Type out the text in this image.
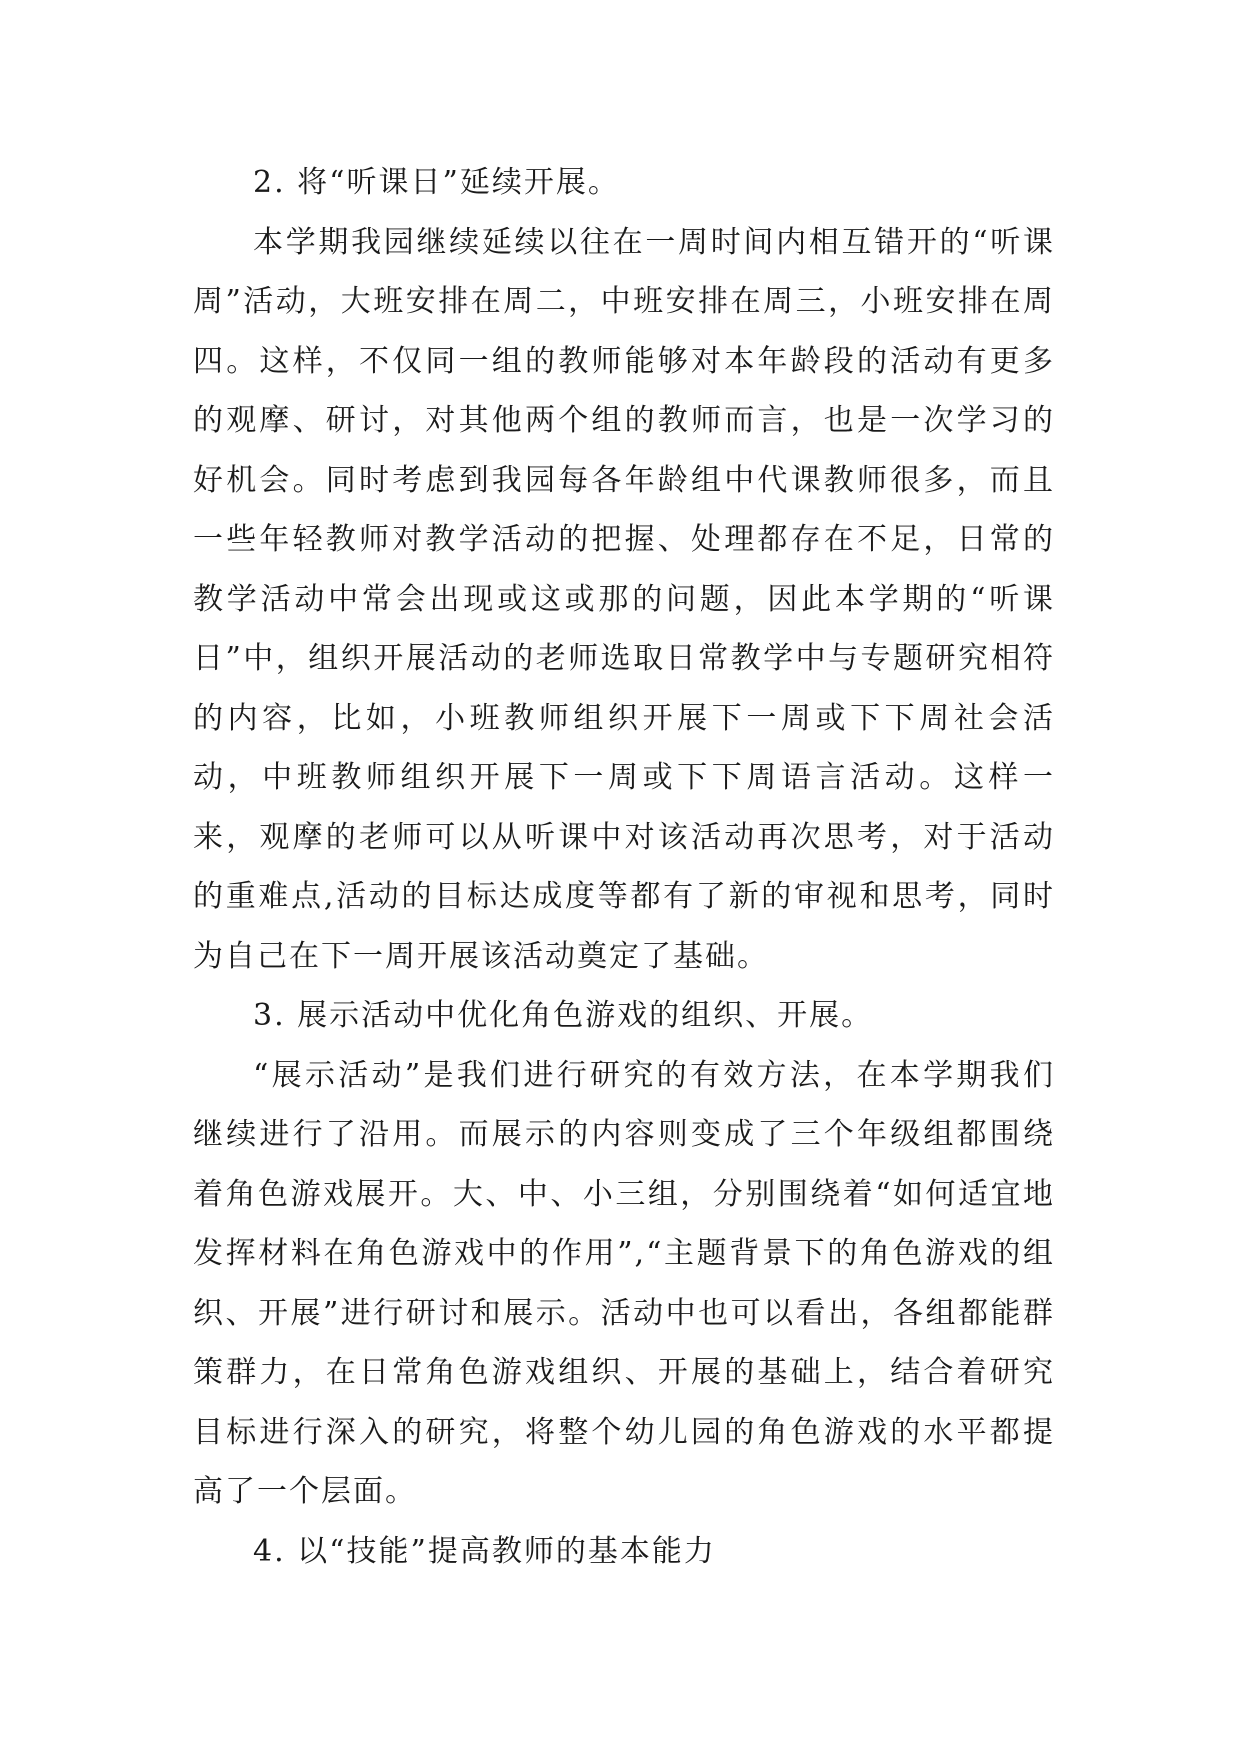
2. 将“听课日”延续开展。

本学期我园继续延续以往在一周时间内相互错开的“听课周”活动，大班安排在周二，中班安排在周三，小班安排在周四。这样，不仅同一组的教师能够对本年龄段的活动有更多的观摩、研讨，对其他两个组的教师而言，也是一次学习的好机会。同时考虑到我园每各年龄组中代课教师很多，而且一些年轻教师对教学活动的把握、处理都存在不足，日常的教学活动中常会出现或这或那的问题，因此本学期的“听课日”中，组织开展活动的老师选取日常教学中与专题研究相符的内容，比如，小班教师组织开展下一周或下下周社会活动，中班教师组织开展下一周或下下周语言活动。这样一来，观摩的老师可以从听课中对该活动再次思考，对于活动的重难点,活动的目标达成度等都有了新的审视和思考，同时为自己在下一周开展该活动奠定了基础。

3. 展示活动中优化角色游戏的组织、开展。

“展示活动”是我们进行研究的有效方法，在本学期我们继续进行了沿用。而展示的内容则变成了三个年级组都围绕着角色游戏展开。大、中、小三组，分别围绕着“如何适宜地发挥材料在角色游戏中的作用”,“主题背景下的角色游戏的组织、开展”进行研讨和展示。活动中也可以看出，各组都能群策群力，在日常角色游戏组织、开展的基础上，结合着研究目标进行深入的研究，将整个幼儿园的角色游戏的水平都提高了一个层面。

4. 以“技能”提高教师的基本能力
